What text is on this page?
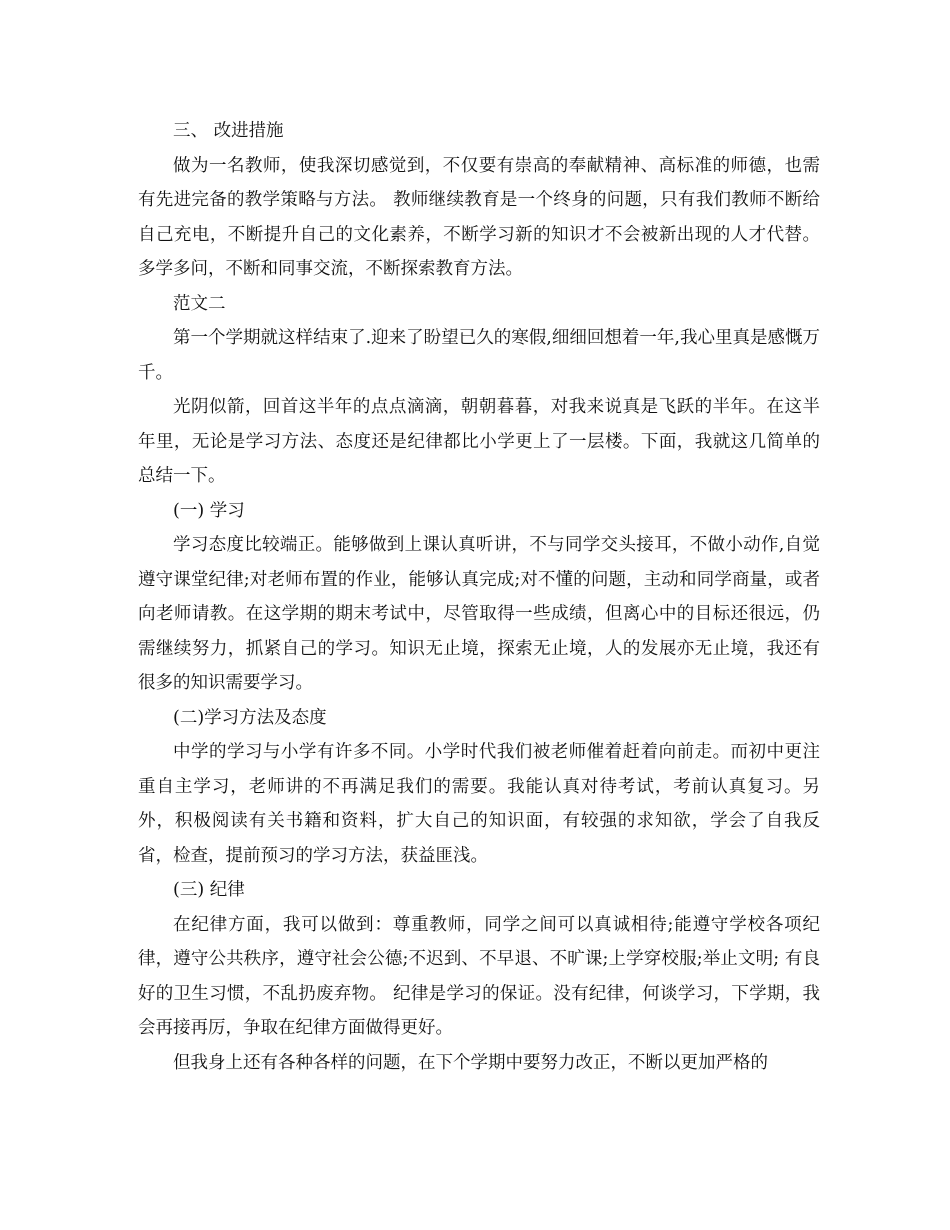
三、 改进措施

做为一名教师，使我深切感觉到，不仅要有崇高的奉献精神、高标准的师德，也需有先进完备的教学策略与方法。 教师继续教育是一个终身的问题，只有我们教师不断给自己充电，不断提升自己的文化素养，不断学习新的知识才不会被新出现的人才代替。多学多问，不断和同事交流，不断探索教育方法。

范文二

第一个学期就这样结束了.迎来了盼望已久的寒假,细细回想着一年,我心里真是感慨万千。

光阴似箭，回首这半年的点点滴滴，朝朝暮暮，对我来说真是飞跃的半年。在这半年里，无论是学习方法、态度还是纪律都比小学更上了一层楼。下面，我就这几简单的总结一下。

(一) 学习

学习态度比较端正。能够做到上课认真听讲，不与同学交头接耳，不做小动作,自觉遵守课堂纪律;对老师布置的作业，能够认真完成;对不懂的问题，主动和同学商量，或者向老师请教。在这学期的期末考试中，尽管取得一些成绩，但离心中的目标还很远，仍需继续努力，抓紧自己的学习。知识无止境，探索无止境，人的发展亦无止境，我还有很多的知识需要学习。

(二)学习方法及态度

中学的学习与小学有许多不同。小学时代我们被老师催着赶着向前走。而初中更注重自主学习，老师讲的不再满足我们的需要。我能认真对待考试，考前认真复习。另外，积极阅读有关书籍和资料，扩大自己的知识面，有较强的求知欲，学会了自我反省，检查，提前预习的学习方法，获益匪浅。

(三) 纪律

在纪律方面，我可以做到：尊重教师，同学之间可以真诚相待;能遵守学校各项纪律，遵守公共秩序，遵守社会公德;不迟到、不早退、不旷课;上学穿校服;举止文明; 有良好的卫生习惯，不乱扔废弃物。 纪律是学习的保证。没有纪律，何谈学习，下学期，我会再接再厉，争取在纪律方面做得更好。

但我身上还有各种各样的问题，在下个学期中要努力改正，不断以更加严格的
